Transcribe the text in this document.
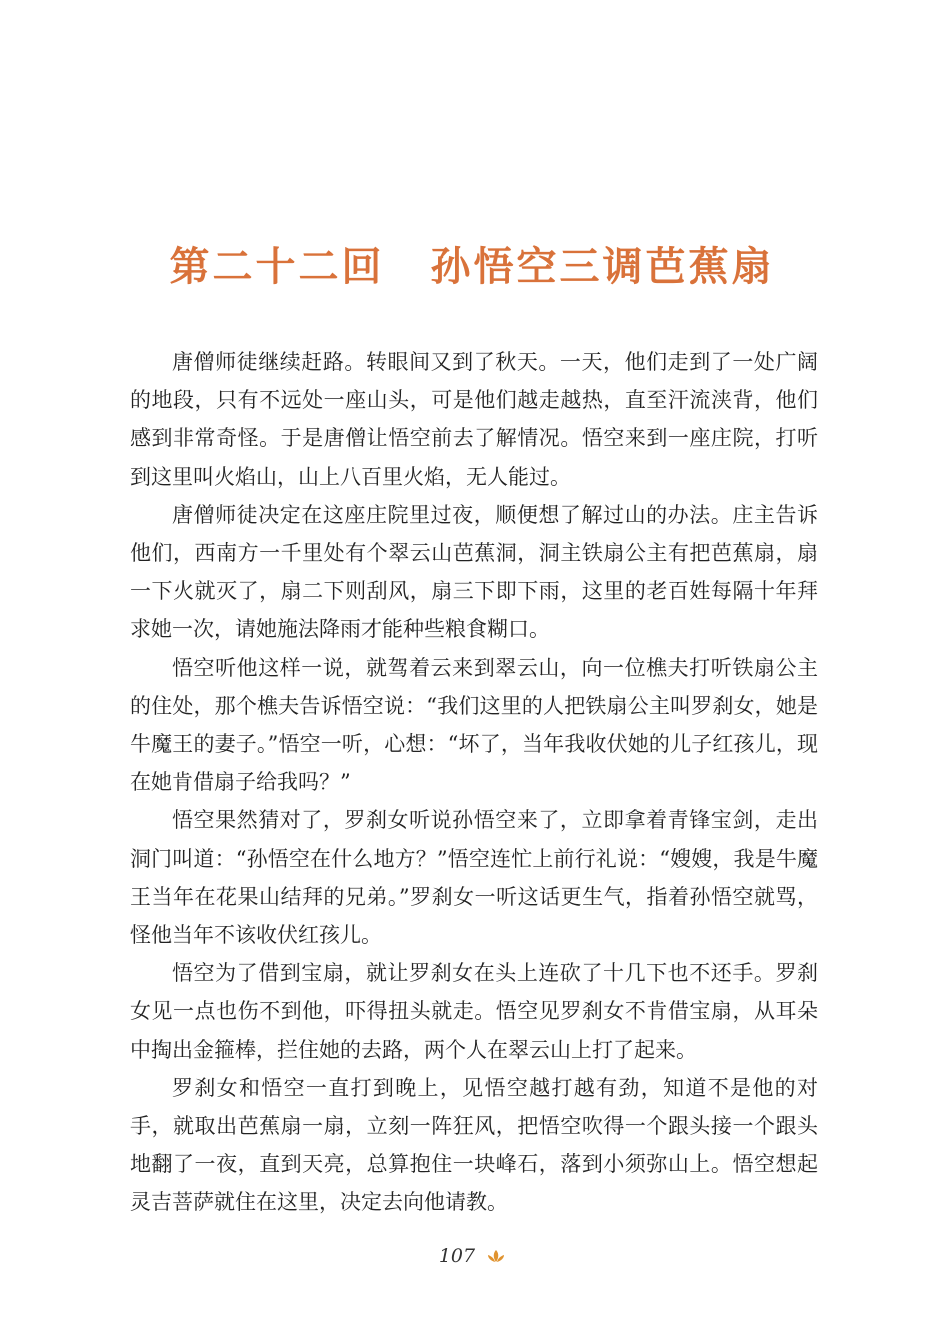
第二十二回 孙悟空三调芭蕉扇

唐僧师徒继续赶路。转眼间又到了秋天。一天，他们走到了一处广阔的地段，只有不远处一座山头，可是他们越走越热，直至汗流浃背，他们感到非常奇怪。于是唐僧让悟空前去了解情况。悟空来到一座庄院，打听到这里叫火焰山，山上八百里火焰，无人能过。

唐僧师徒决定在这座庄院里过夜，顺便想了解过山的办法。庄主告诉他们，西南方一千里处有个翠云山芭蕉洞，洞主铁扇公主有把芭蕉扇，扇一下火就灭了，扇二下则刮风，扇三下即下雨，这里的老百姓每隔十年拜求她一次，请她施法降雨才能种些粮食糊口。

悟空听他这样一说，就驾着云来到翠云山，向一位樵夫打听铁扇公主的住处，那个樵夫告诉悟空说：“我们这里的人把铁扇公主叫罗刹女，她是牛魔王的妻子。”悟空一听，心想：“坏了，当年我收伏她的儿子红孩儿，现在她肯借扇子给我吗？”

悟空果然猜对了，罗刹女听说孙悟空来了，立即拿着青锋宝剑，走出洞门叫道：“孙悟空在什么地方？”悟空连忙上前行礼说：“嫂嫂，我是牛魔王当年在花果山结拜的兄弟。”罗刹女一听这话更生气，指着孙悟空就骂，怪他当年不该收伏红孩儿。

悟空为了借到宝扇，就让罗刹女在头上连砍了十几下也不还手。罗刹女见一点也伤不到他，吓得扭头就走。悟空见罗刹女不肯借宝扇，从耳朵中掏出金箍棒，拦住她的去路，两个人在翠云山上打了起来。

罗刹女和悟空一直打到晚上，见悟空越打越有劲，知道不是他的对手，就取出芭蕉扇一扇，立刻一阵狂风，把悟空吹得一个跟头接一个跟头地翻了一夜，直到天亮，总算抱住一块峰石，落到小须弥山上。悟空想起灵吉菩萨就住在这里，决定去向他请教。

107
